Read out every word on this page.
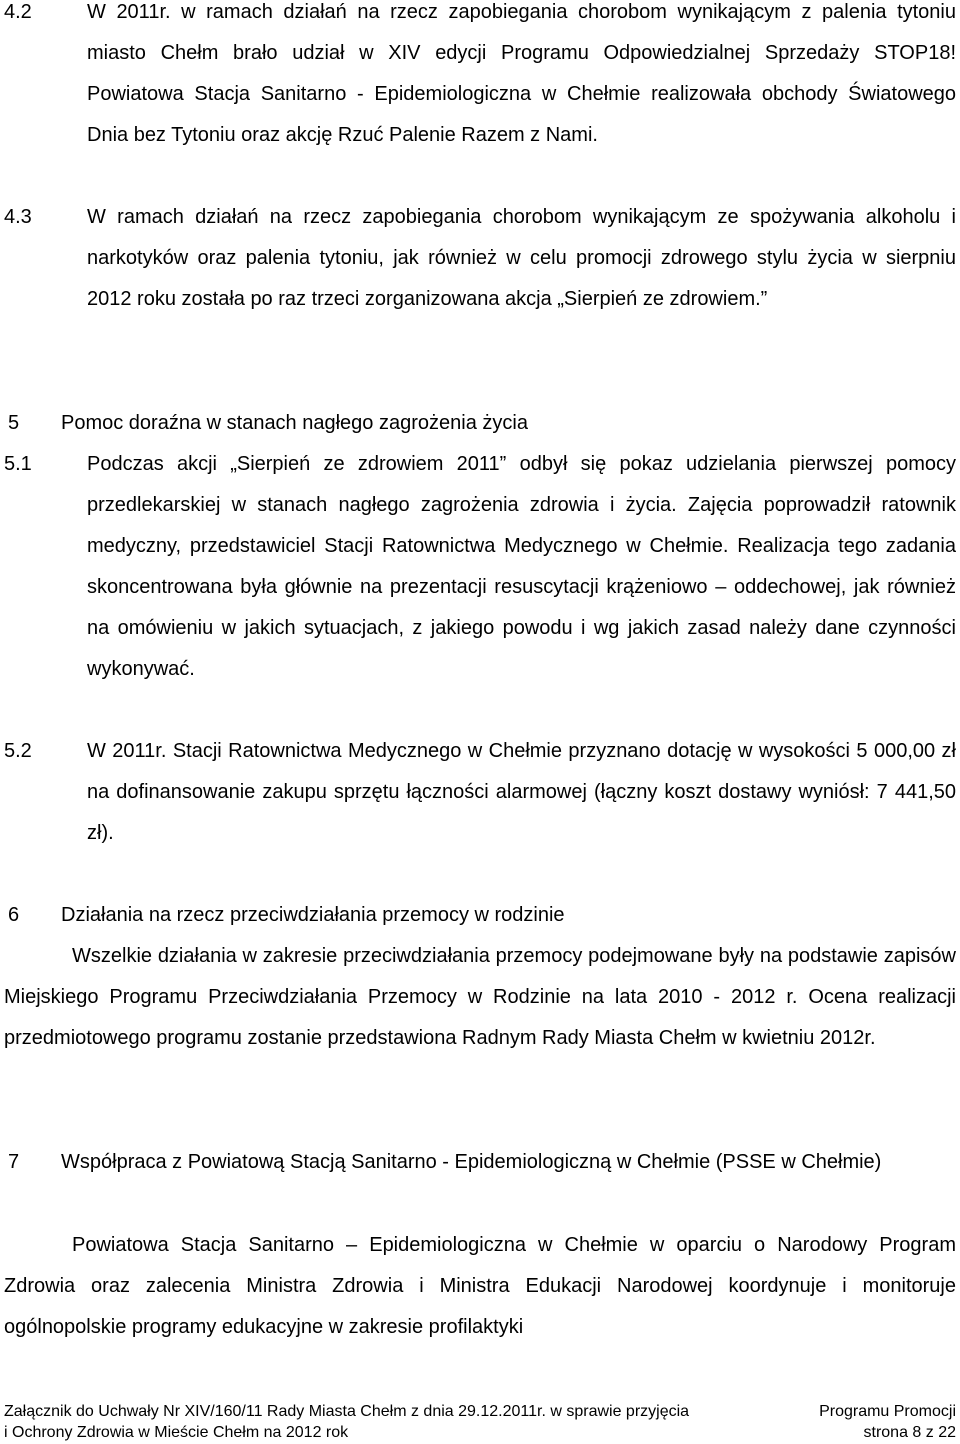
4.2	W 2011r. w ramach działań na rzecz zapobiegania chorobom wynikającym z palenia tytoniu miasto Chełm brało udział w XIV edycji Programu Odpowiedzialnej Sprzedaży STOP18! Powiatowa Stacja Sanitarno - Epidemiologiczna w Chełmie realizowała obchody Światowego Dnia bez Tytoniu oraz akcję Rzuć Palenie Razem z Nami.
4.3	W ramach działań na rzecz zapobiegania chorobom wynikającym ze spożywania alkoholu i narkotyków oraz palenia tytoniu, jak również w celu promocji zdrowego stylu życia w sierpniu 2012 roku została po raz trzeci zorganizowana akcja „Sierpień ze zdrowiem.”
5 Pomoc doraźna w stanach nagłego zagrożenia życia
5.1	Podczas akcji „Sierpień ze zdrowiem 2011” odbył się pokaz udzielania pierwszej pomocy przedlekarskiej w stanach nagłego zagrożenia zdrowia i życia. Zajęcia poprowadził ratownik medyczny, przedstawiciel Stacji Ratownictwa Medycznego w Chełmie. Realizacja tego zadania skoncentrowana była głównie na prezentacji resuscytacji krążeniowo – oddechowej, jak również na omówieniu w jakich sytuacjach, z jakiego powodu i wg jakich zasad należy dane czynności wykonywać.
5.2	W 2011r. Stacji Ratownictwa Medycznego w Chełmie przyznano dotację w wysokości 5 000,00 zł na dofinansowanie zakupu sprzętu łączności alarmowej (łączny koszt dostawy wyniósł: 7 441,50 zł).
6 Działania na rzecz przeciwdziałania przemocy w rodzinie
Wszelkie działania w zakresie przeciwdziałania przemocy podejmowane były na podstawie zapisów Miejskiego Programu Przeciwdziałania Przemocy w Rodzinie na lata 2010 - 2012 r. Ocena realizacji przedmiotowego programu zostanie przedstawiona Radnym Rady Miasta Chełm w kwietniu 2012r.
7 Współpraca z Powiatową Stacją Sanitarno - Epidemiologiczną w Chełmie (PSSE w Chełmie)
Powiatowa Stacja Sanitarno – Epidemiologiczna w Chełmie w oparciu o Narodowy Program Zdrowia oraz zalecenia Ministra Zdrowia i Ministra Edukacji Narodowej koordynuje i monitoruje ogólnopolskie programy edukacyjne w zakresie profilaktyki
Załącznik do Uchwały Nr XIV/160/11 Rady Miasta Chełm z dnia 29.12.2011r. w sprawie przyjęcia	Programu Promocji
i Ochrony Zdrowia w Mieście Chełm na 2012 rok	strona 8 z 22
